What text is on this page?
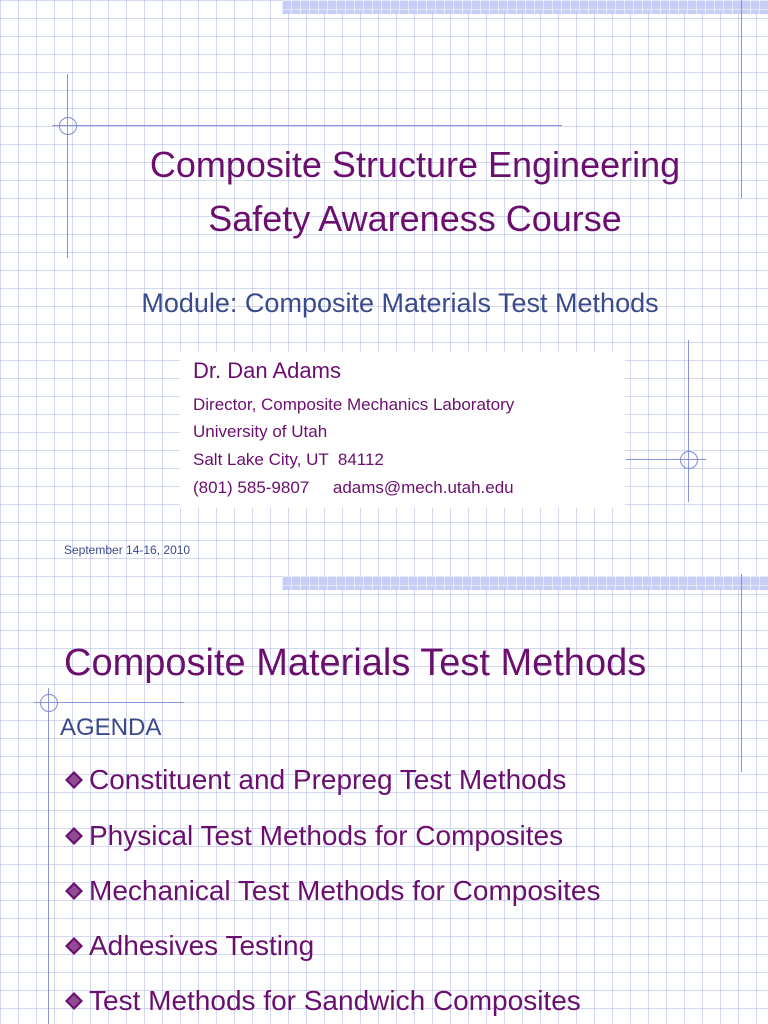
Composite Structure Engineering
Safety Awareness Course

Module: Composite Materials Test Methods

Dr. Dan Adams

Director, Composite Mechanics Laboratory

University of Utah

Salt Lake City, UT  84112

(801) 585-9807     adams@mech.utah.edu

September 14-16, 2010

Composite Materials Test Methods

AGENDA

Constituent and Prepreg Test Methods
Physical Test Methods for Composites
Mechanical Test Methods for Composites
Adhesives Testing
Test Methods for Sandwich Composites
